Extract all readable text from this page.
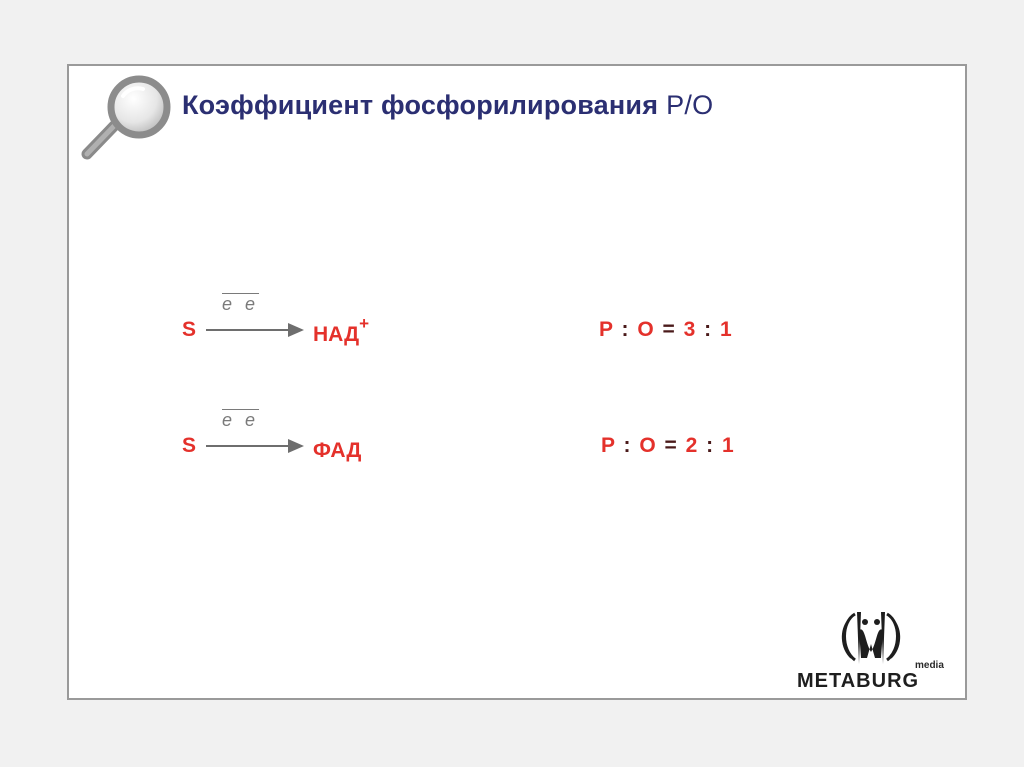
Коэффициент фосфорилирования P/O
S
e e
НАД+	P : O = 3 : 1
S
e e
ФАД	P : O = 2 : 1
media
METABURG
